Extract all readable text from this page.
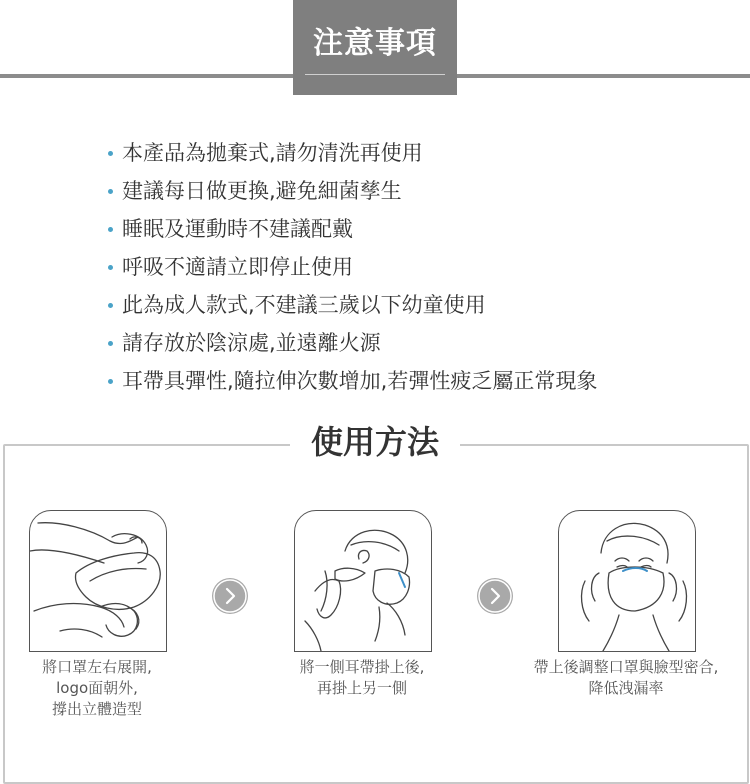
注意事項
本產品為拋棄式,請勿清洗再使用
建議每日做更換,避免細菌孳生
睡眠及運動時不建議配戴
呼吸不適請立即停止使用
此為成人款式,不建議三歲以下幼童使用
請存放於陰涼處,並遠離火源
耳帶具彈性,隨拉伸次數增加,若彈性疲乏屬正常現象
使用方法
將口罩左右展開,
logo面朝外,
撐出立體造型
將一側耳帶掛上後,
再掛上另一側
帶上後調整口罩與臉型密合,
降低洩漏率
